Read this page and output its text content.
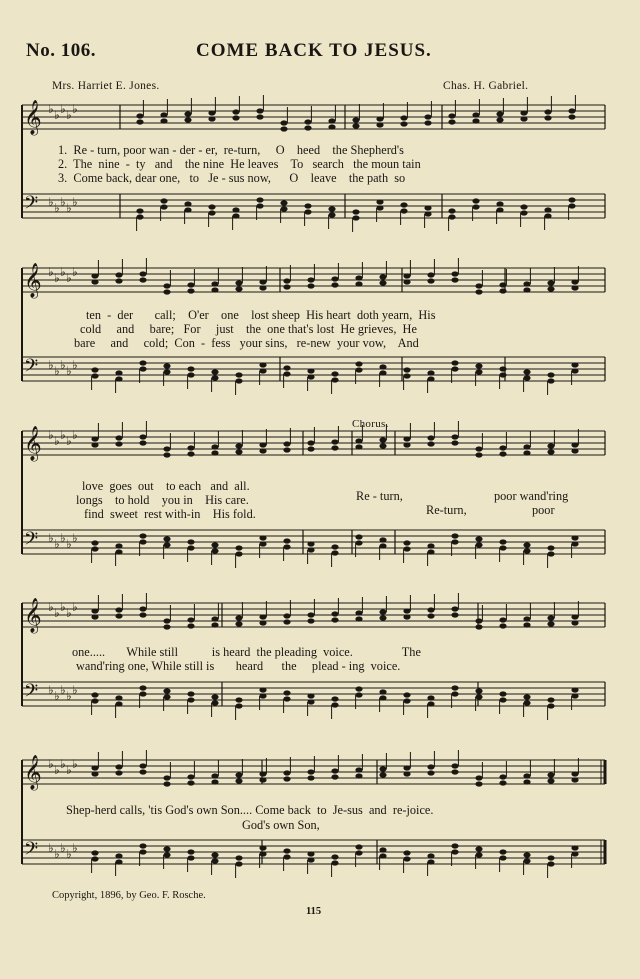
No. 106.	COME BACK TO JESUS.
Mrs. Harriet E. Jones.	Chas. H. Gabriel.
𝄞 ♭ ♭ ♭ ♭ ♭
𝄢 ♭ ♭ ♭ ♭ ♭
𝄞 ♭ ♭ ♭ ♭ ♭
𝄢 ♭ ♭ ♭ ♭ ♭
𝄞 ♭ ♭ ♭ ♭ ♭
𝄢 ♭ ♭ ♭ ♭ ♭
𝄞 ♭ ♭ ♭ ♭ ♭
𝄢 ♭ ♭ ♭ ♭ ♭
𝄞 ♭ ♭ ♭ ♭ ♭
𝄢 ♭ ♭ ♭ ♭ ♭
1.  Re - turn, poor wan - der - er,  re-turn,     O    heed    the Shepherd's
2.  The  nine  -  ty   and    the nine  He leaves    To   search   the moun tain
3.  Come back, dear one,   to   Je - sus now,      O    leave    the path  so
ten  -  der       call;    O'er    one    lost sheep  His heart  doth yearn,  His
cold     and     bare;   For     just    the  one that's lost  He grieves,  He
bare     and     cold;  Con  -  fess   your sins,   re-new  your vow,    And
Chorus.
love  goes  out    to each   and  all.
longs    to hold    you in    His care.
find  sweet  rest with-in    His fold.
Re - turn,	poor wand'ring
Re-turn,	poor
one.....       While still           is heard  the pleading  voice.                The
wand'ring one, While still is       heard      the     plead - ing  voice.
Shep-herd calls, 'tis God's own Son.... Come back  to  Je-sus  and  re-joice.
God's own Son,
Copyright, 1896, by Geo. F. Rosche.
115
